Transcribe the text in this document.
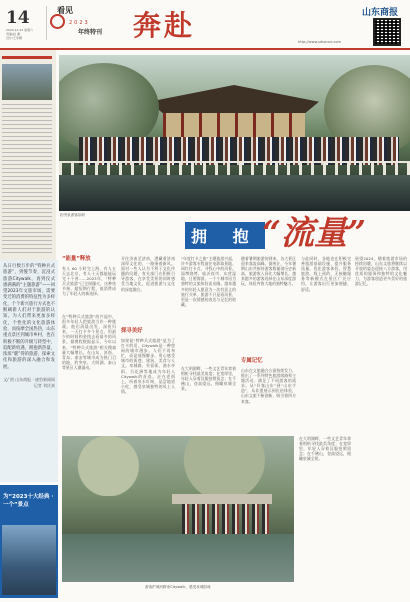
14
2023.12.23 星期六
责编/赵 渊
设计/王李娜
看见
2023
年终特刊 奔赴	山东商报
http://www.sdsecoe.com
从日行数万步的“特种兵式旅游”，到慢节奏、沉浸式旅游Citywalk，再到仪式感满满的“主题旅游”——回望2023年文旅市场，需要变迁的消费的特征性为多样化，个个新兴旅行方式也不断刷新人们对于旅游的认知。为人们带来更加多样化，个性化的文化旅游体验，而按摩全国热热，山东重点景区到城市乡村，也在积极不断的升级与转型中，追配新机遇，拥抱新热量，浓浓“暖”得的旅游，探索文化和旅游的深入融合和发展。
文/ 图 山东商报 · 速豹新闻网 记者 刘庆真
为“2023十大经典 · 一个”景点
趵突泉游客如织
拥 抱 “流量”
“能量”释放
有人 60 小时完上海，有人五天去北京，有人十天都能能玩完十个省……2023年，“特种兵式旅游”已全网爆火，这种快节奏、超短期行程、低消费成为了年轻人的新选择。
在“特种兵式旅游”的兴起中，很多年轻人把旅游当作一种挑战。他们清晨出发、深夜归来，一天打卡多个景点，用最少的时间和金钱去看最多的风景。据携程数据显示，今年以来，“特种兵式旅游”相关搜索量大幅增长。在山东，济南、青岛、泰安等城市成为热门目的地，趵突泉、大明湖、泰山等景区人潮涌动。
开往济南至济南，潜藏着济南深厚文化的，一路乘着新风。面对一些人认为不利于文化传播的问题，有关部门在积极引导游客，在享受美景的同时感受当地文化，促进旅游与文化的深度融合。
探寻美好
如果说“特种兵式旅游”是为了打卡的话，Citywalk是一种悠闲的城市漫步。人们不再匆忙，而是放慢脚步，用心感受城市的街巷、建筑、美食与人文。泉城路、芙蓉街、曲水亭街、百花洲等地成为年轻人Citywalk的首选。走在老街上，听着泉水叮咚，品尝地道小吃，感受泉城独特的风土人情。
“年度打卡之旅”主题旅游兴起，许多游客专程前往电影取景地、网红打卡点，寻找心中的风景。淄博烧烤、临沂夜市、东营湿地、日照海滨，一个个城市因为独特的文旅体验而出圈。越来越多的年轻人愿意为一次有意义的旅行买单，旅游不只是看风景，更是一次情感的表达与记忆的收藏。
在大明湖畔，一些文艺青年拿着相机寻找最美角度；在宽厚里，年轻人穿着汉服拍照留念；在千佛山，登高望远，俯瞰泉城全景。
随着暑期旅游的到来，各大景区迎来客流高峰。据统计，今年暑期山东共接待游客数量创历史新高，旅游收入同比大幅增长。越来越多的游客选择在山东深度游玩，体验齐鲁大地的独特魅力。
专属记忆
山东在文旅融合方面持续发力，推出了一系列特色旅游线路和主题活动，满足了不同游客的需求。从“好客山东”到“山东手造”，从非遗展示到民俗体验，山东文旅不断创新，吸引着四方来客。
与此同时，各地也在积极完善旅游基础设施，提升服务质量，优化游客体验。智慧旅游、线上预约、无接触服务等新模式在景区广泛应用，让游客出行更加便捷、舒适。
展望2024，随着旅游市场的持续回暖，山东文旅将继续以开放的姿态迎接八方游客，用优质的服务和独特的文化魅力，为游客创造更多美好的旅游记忆。
游客护城河畔来Citywalk，感受泉城韵味
在大明湖畔，一些文艺青年拿着相机寻找最美角度；在宽厚里，年轻人穿着汉服拍照留念；在千佛山，登高望远，俯瞰泉城全景。
